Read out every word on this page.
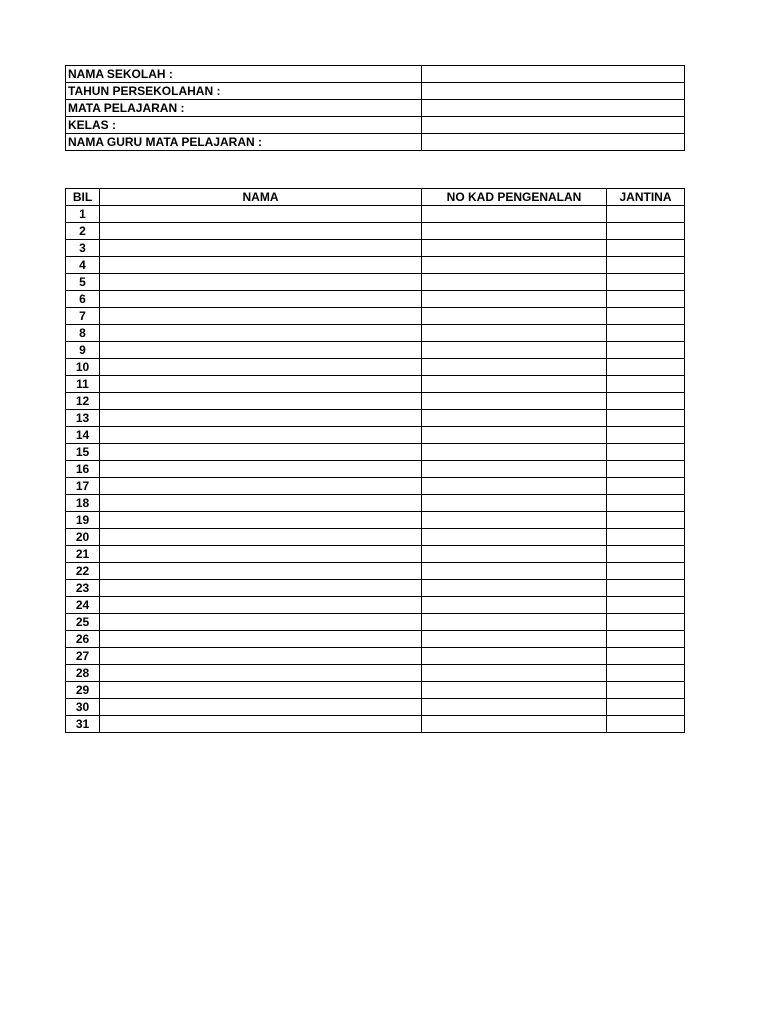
NAMA SEKOLAH :	
TAHUN PERSEKOLAHAN :	
MATA PELAJARAN :	
KELAS :	
NAMA GURU MATA PELAJARAN :	
BIL	NAMA	NO KAD PENGENALAN	JANTINA
1			
2			
3			
4			
5			
6			
7			
8			
9			
10			
11			
12			
13			
14			
15			
16			
17			
18			
19			
20			
21			
22			
23			
24			
25			
26			
27			
28			
29			
30			
31			
